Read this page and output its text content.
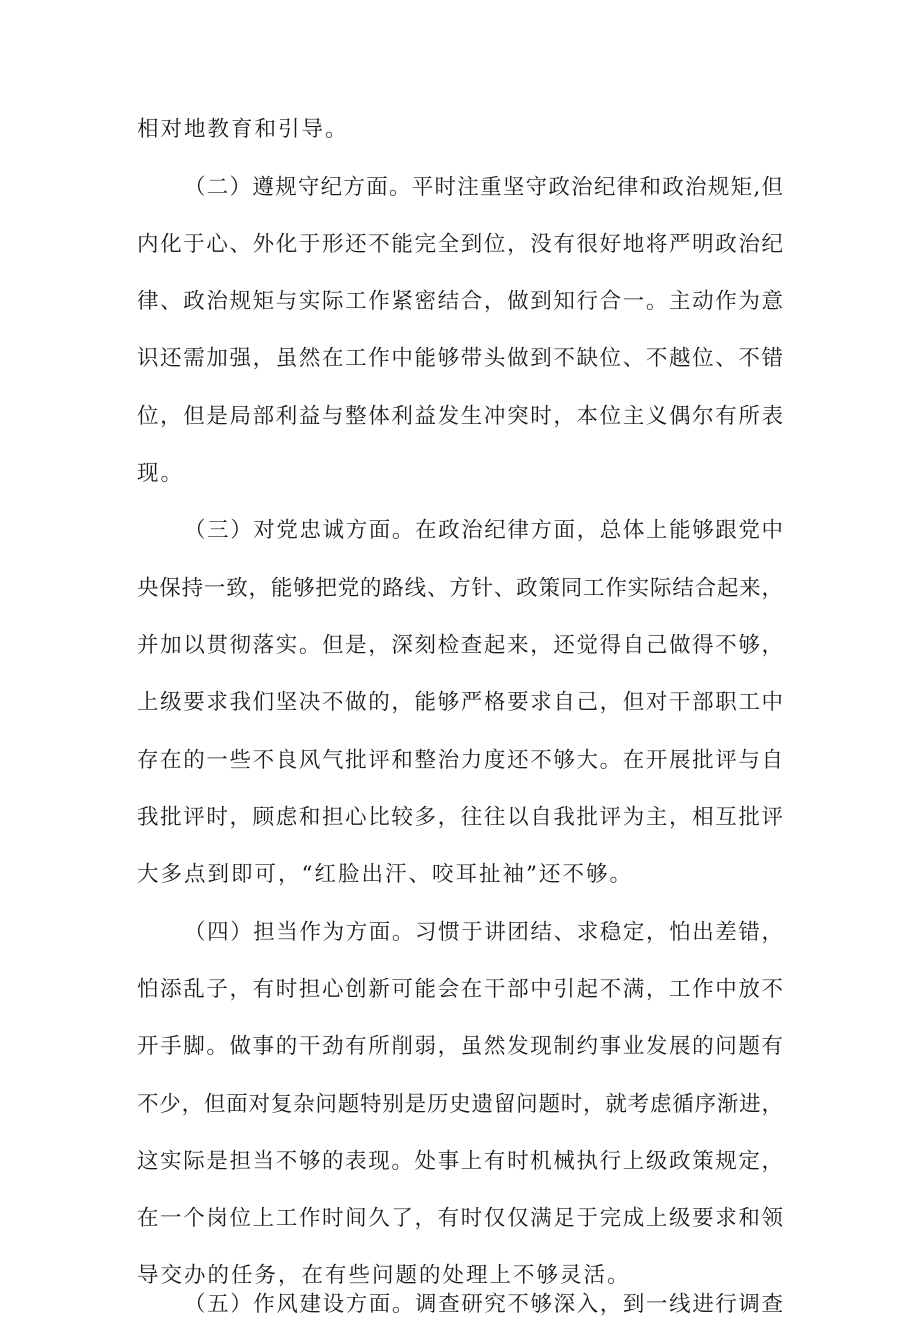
相对地教育和引导。
（二）遵规守纪方面。平时注重坚守政治纪律和政治规矩,但
内化于心、外化于形还不能完全到位，没有很好地将严明政治纪
律、政治规矩与实际工作紧密结合，做到知行合一。主动作为意
识还需加强，虽然在工作中能够带头做到不缺位、不越位、不错
位，但是局部利益与整体利益发生冲突时，本位主义偶尔有所表
现。
（三）对党忠诚方面。在政治纪律方面，总体上能够跟党中
央保持一致，能够把党的路线、方针、政策同工作实际结合起来，
并加以贯彻落实。但是，深刻检查起来，还觉得自己做得不够，
上级要求我们坚决不做的，能够严格要求自己，但对干部职工中
存在的一些不良风气批评和整治力度还不够大。在开展批评与自
我批评时，顾虑和担心比较多，往往以自我批评为主，相互批评
大多点到即可，“红脸出汗、咬耳扯袖”还不够。
（四）担当作为方面。习惯于讲团结、求稳定，怕出差错，
怕添乱子，有时担心创新可能会在干部中引起不满，工作中放不
开手脚。做事的干劲有所削弱，虽然发现制约事业发展的问题有
不少，但面对复杂问题特别是历史遗留问题时，就考虑循序渐进，
这实际是担当不够的表现。处事上有时机械执行上级政策规定，
在一个岗位上工作时间久了，有时仅仅满足于完成上级要求和领
导交办的任务，在有些问题的处理上不够灵活。
（五）作风建设方面。调查研究不够深入，到一线进行调查
